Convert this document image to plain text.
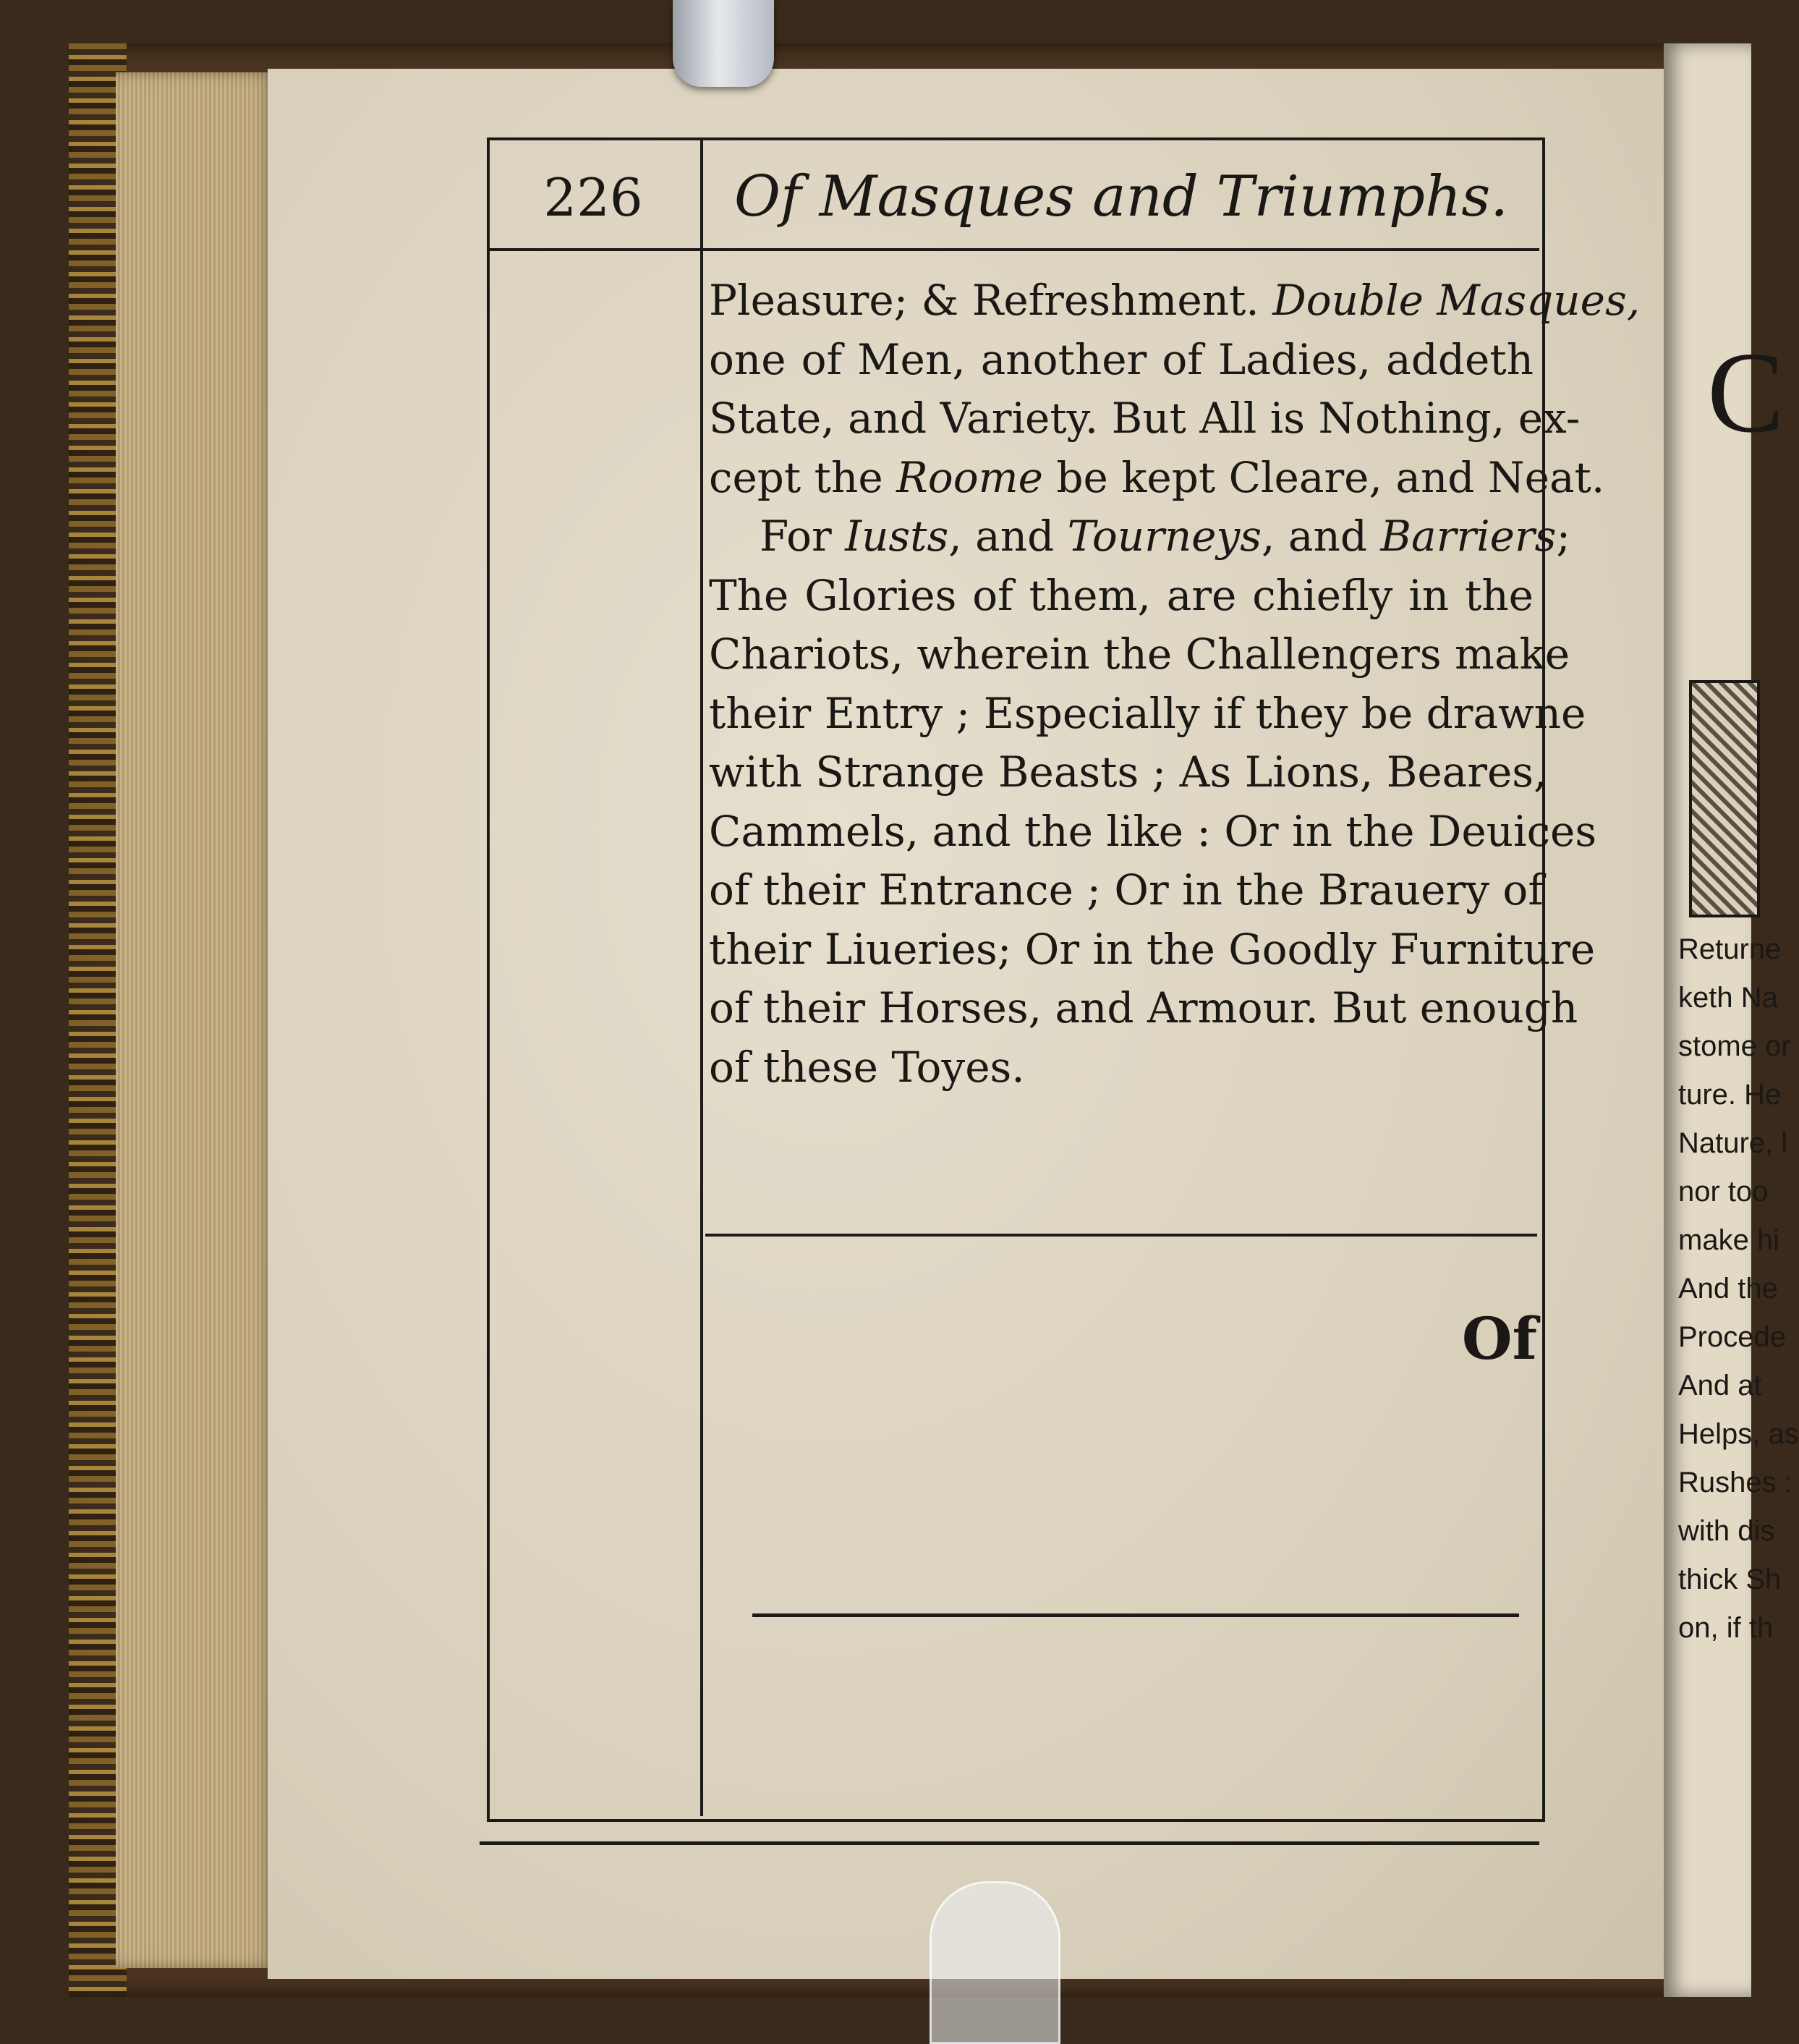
226	Of Masques and Triumphs.
Pleasure; & Refreshment. Double Masques,
one of Men, another of Ladies, addeth
State, and Variety. But All is Nothing, ex-
cept the Roome be kept Cleare, and Neat.
For Iusts, and Tourneys, and Barriers;
The Glories of them, are chiefly in the
Chariots, wherein the Challengers make
their Entry ; Especially if they be drawne
with Strange Beasts ; As Lions, Beares,
Cammels, and the like : Or in the Deuices
of their Entrance ; Or in the Brauery of
their Liueries; Or in the Goodly Furniture
of their Horses, and Armour. But enough
of these Toyes.
Of
C
Returne
keth Na
stome or
ture. He
Nature, l
nor too
make hi
And the
Procede
And at
Helps, as
Rushes :
with dis
thick Sh
on, if th
